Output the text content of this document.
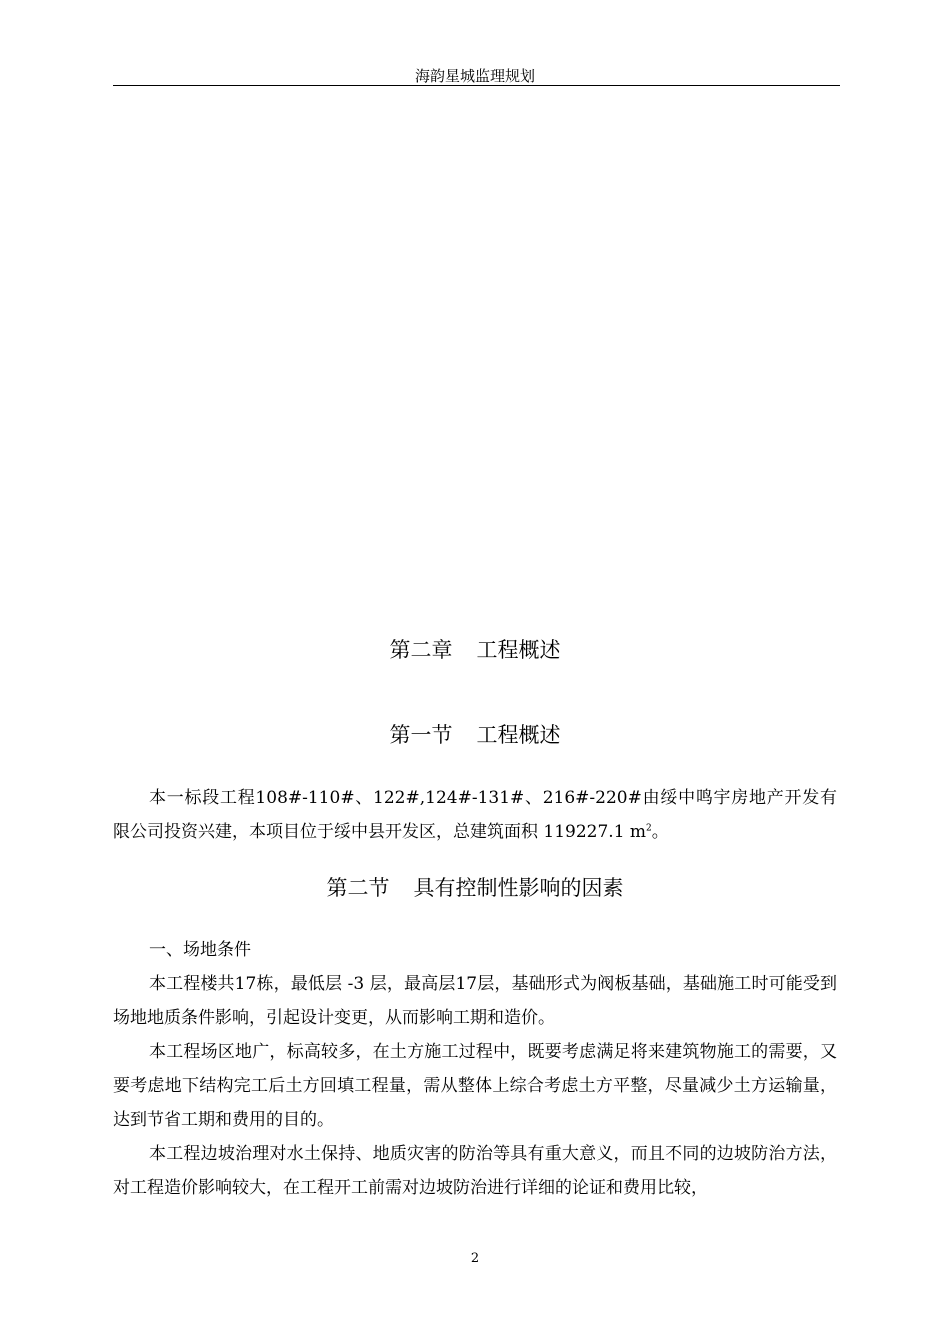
海韵星城监理规划
第二章 工程概述
第一节 工程概述
本一标段工程108#-110#、122#,124#-131#、216#-220#由绥中鸣宇房地产开发有限公司投资兴建，本项目位于绥中县开发区，总建筑面积 119227.1 $m^2$。
第二节 具有控制性影响的因素
一、场地条件
本工程楼共17栋，最低层 -3 层，最高层17层，基础形式为阀板基础，基础施工时可能受到场地地质条件影响，引起设计变更，从而影响工期和造价。
本工程场区地广，标高较多，在土方施工过程中，既要考虑满足将来建筑物施工的需要，又要考虑地下结构完工后土方回填工程量，需从整体上综合考虑土方平整，尽量减少土方运输量，达到节省工期和费用的目的。
本工程边坡治理对水土保持、地质灾害的防治等具有重大意义，而且不同的边坡防治方法，对工程造价影响较大，在工程开工前需对边坡防治进行详细的论证和费用比较，
2
